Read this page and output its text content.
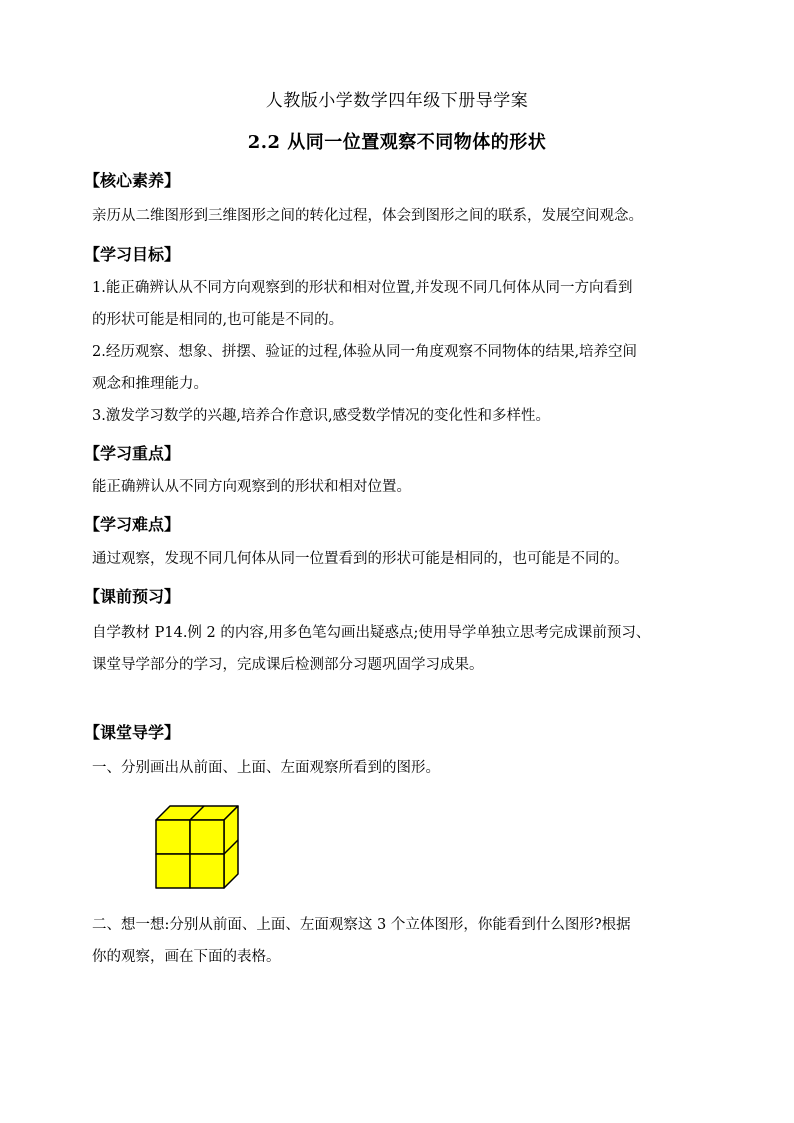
人教版小学数学四年级下册导学案
2.2 从同一位置观察不同物体的形状
【核心素养】
亲历从二维图形到三维图形之间的转化过程，体会到图形之间的联系，发展空间观念。
【学习目标】
1.能正确辨认从不同方向观察到的形状和相对位置,并发现不同几何体从同一方向看到
的形状可能是相同的,也可能是不同的。
2.经历观察、想象、拼摆、验证的过程,体验从同一角度观察不同物体的结果,培养空间
观念和推理能力。
3.激发学习数学的兴趣,培养合作意识,感受数学情况的变化性和多样性。
【学习重点】
能正确辨认从不同方向观察到的形状和相对位置。
【学习难点】
通过观察，发现不同几何体从同一位置看到的形状可能是相同的，也可能是不同的。
【课前预习】
自学教材 P14.例 2 的内容,用多色笔勾画出疑惑点;使用导学单独立思考完成课前预习、
课堂导学部分的学习，完成课后检测部分习题巩固学习成果。
【课堂导学】
一、分别画出从前面、上面、左面观察所看到的图形。
二、想一想:分别从前面、上面、左面观察这 3 个立体图形，你能看到什么图形?根据
你的观察，画在下面的表格。
